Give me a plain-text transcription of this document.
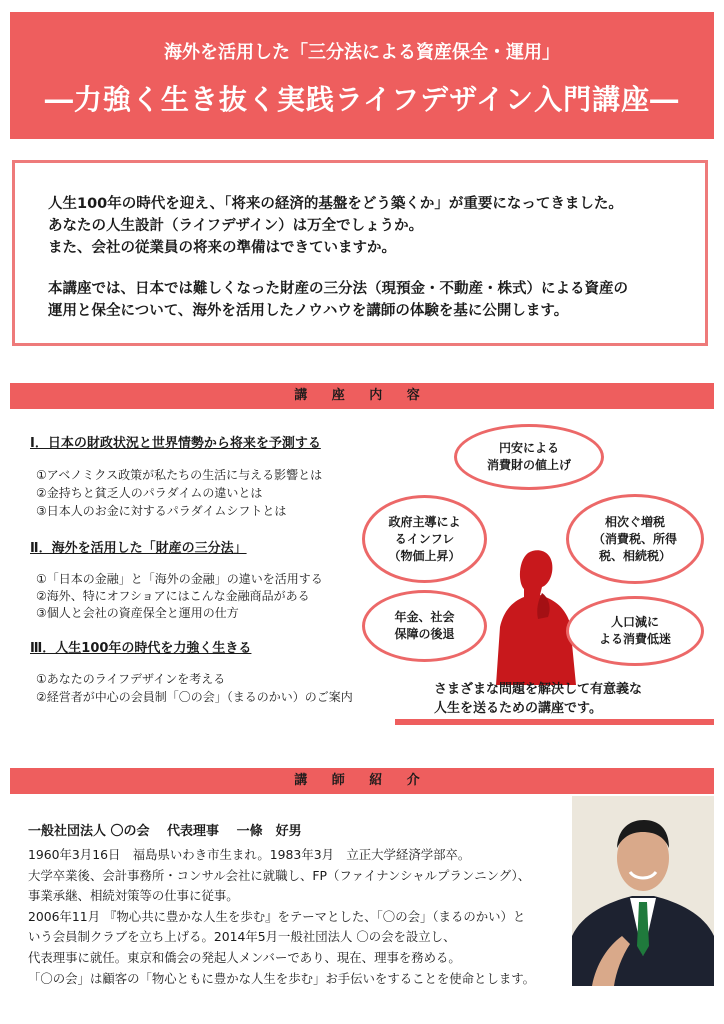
海外を活用した「三分法による資産保全・運用」
―力強く生き抜く実践ライフデザイン入門講座―

人生100年の時代を迎え、「将来の経済的基盤をどう築くか」が重要になってきました。

あなたの人生設計（ライフデザイン）は万全でしょうか。

また、会社の従業員の将来の準備はできていますか。

本講座では、日本では難しくなった財産の三分法（現預金・不動産・株式）による資産の

運用と保全について、海外を活用したノウハウを講師の体験を基に公開します。

講 座 内 容
Ⅰ．日本の財政状況と世界情勢から将来を予測する
①アベノミクス政策が私たちの生活に与える影響とは
②金持ちと貧乏人のパラダイムの違いとは
③日本人のお金に対するパラダイムシフトとは
Ⅱ．海外を活用した「財産の三分法」
①「日本の金融」と「海外の金融」の違いを活用する
②海外、特にオフショアにはこんな金融商品がある
③個人と会社の資産保全と運用の仕方
Ⅲ．人生100年の時代を力強く生きる
①あなたのライフデザインを考える
②経営者が中心の会員制「〇の会」（まるのかい）のご案内
円安による
消費財の値上げ
政府主導によ
るインフレ
（物価上昇）
相次ぐ増税
（消費税、所得
税、相続税）
年金、社会
保障の後退
人口減に
よる消費低迷
さまざまな問題を解決して有意義な
人生を送るための講座です。
講 師 紹 介
一般社団法人 〇の会　 代表理事　 一條　好男
1960年3月16日　福島県いわき市生まれ。1983年3月　立正大学経済学部卒。
大学卒業後、会計事務所・コンサル会社に就職し、FP（ファイナンシャルプランニング）、
事業承継、相続対策等の仕事に従事。
2006年11月 『物心共に豊かな人生を歩む』をテーマとした、「〇の会」（まるのかい）と
いう会員制クラブを立ち上げる。2014年5月一般社団法人 〇の会を設立し、
代表理事に就任。東京和僑会の発起人メンバーであり、現在、理事を務める。
「〇の会」は顧客の「物心ともに豊かな人生を歩む」お手伝いをすることを使命とします。
